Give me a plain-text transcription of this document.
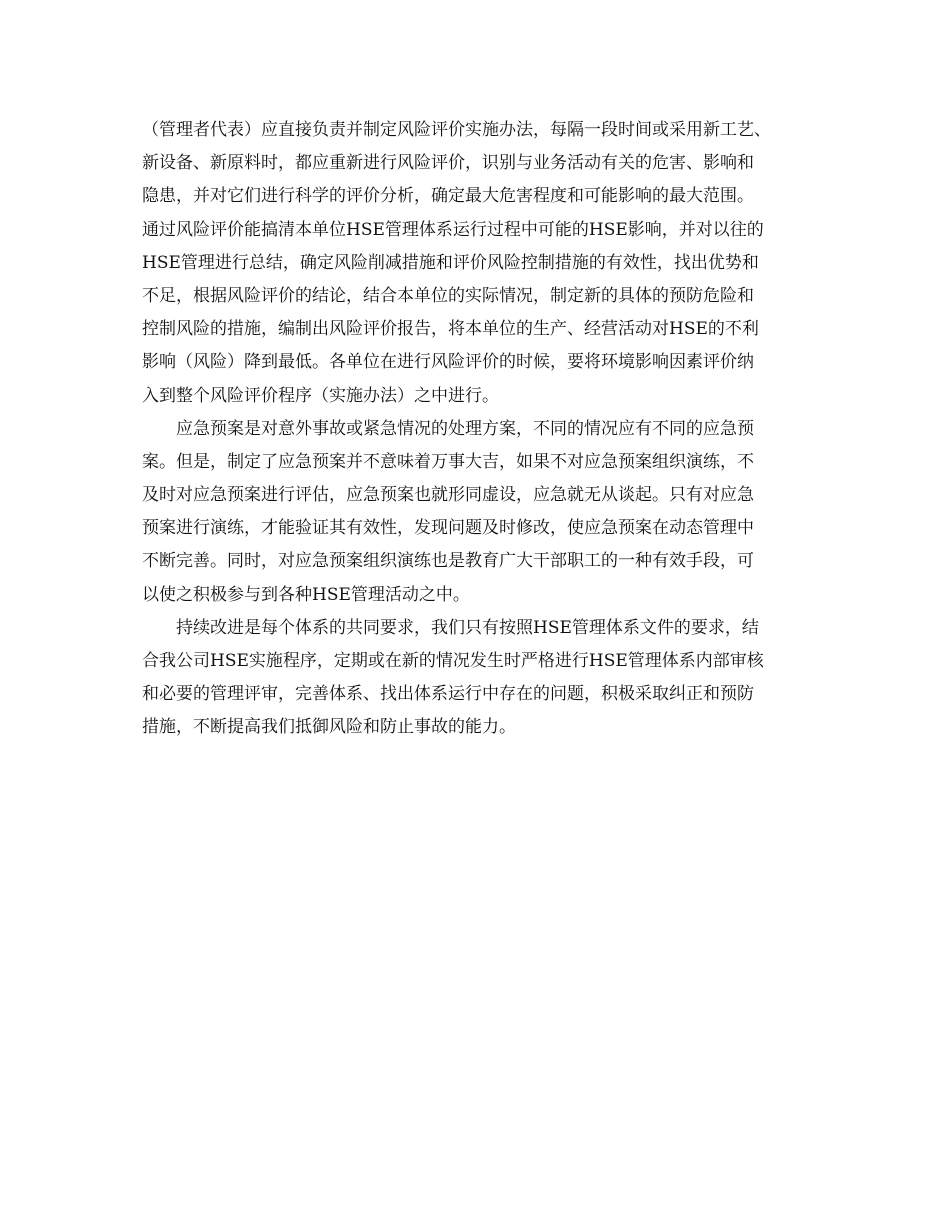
（管理者代表）应直接负责并制定风险评价实施办法，每隔一段时间或采用新工艺、
新设备、新原料时，都应重新进行风险评价，识别与业务活动有关的危害、影响和
隐患，并对它们进行科学的评价分析，确定最大危害程度和可能影响的最大范围。
通过风险评价能搞清本单位HSE管理体系运行过程中可能的HSE影响，并对以往的
HSE管理进行总结，确定风险削减措施和评价风险控制措施的有效性，找出优势和
不足，根据风险评价的结论，结合本单位的实际情况，制定新的具体的预防危险和
控制风险的措施，编制出风险评价报告，将本单位的生产、经营活动对HSE的不利
影响（风险）降到最低。各单位在进行风险评价的时候，要将环境影响因素评价纳
入到整个风险评价程序（实施办法）之中进行。
　　应急预案是对意外事故或紧急情况的处理方案，不同的情况应有不同的应急预
案。但是，制定了应急预案并不意味着万事大吉，如果不对应急预案组织演练，不
及时对应急预案进行评估，应急预案也就形同虚设，应急就无从谈起。只有对应急
预案进行演练，才能验证其有效性，发现问题及时修改，使应急预案在动态管理中
不断完善。同时，对应急预案组织演练也是教育广大干部职工的一种有效手段，可
以使之积极参与到各种HSE管理活动之中。
　　持续改进是每个体系的共同要求，我们只有按照HSE管理体系文件的要求，结
合我公司HSE实施程序，定期或在新的情况发生时严格进行HSE管理体系内部审核
和必要的管理评审，完善体系、找出体系运行中存在的问题，积极采取纠正和预防
措施，不断提高我们抵御风险和防止事故的能力。
